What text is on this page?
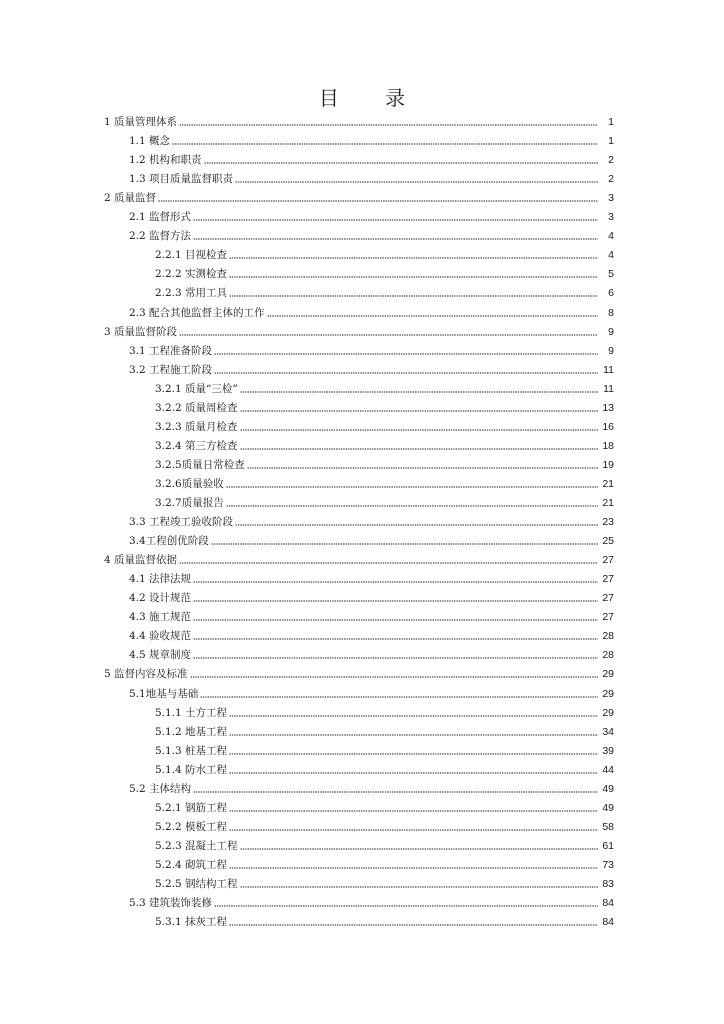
目 录
1 质量管理体系	1
1.1 概念	1
1.2 机构和职责	2
1.3 项目质量监督职责	2
2 质量监督	3
2.1 监督形式	3
2.2 监督方法	4
2.2.1 目视检查	4
2.2.2 实测检查	5
2.2.3 常用工具	6
2.3 配合其他监督主体的工作	8
3 质量监督阶段	9
3.1 工程准备阶段	9
3.2 工程施工阶段	11
3.2.1 质量“三检”	11
3.2.2 质量周检查	13
3.2.3 质量月检查	16
3.2.4 第三方检查	18
3.2.5质量日常检查	19
3.2.6质量验收	21
3.2.7质量报告	21
3.3 工程竣工验收阶段	23
3.4工程创优阶段	25
4 质量监督依据	27
4.1 法律法规	27
4.2 设计规范	27
4.3 施工规范	27
4.4 验收规范	28
4.5 规章制度	28
5 监督内容及标准	29
5.1地基与基础	29
5.1.1 土方工程	29
5.1.2 地基工程	34
5.1.3 桩基工程	39
5.1.4 防水工程	44
5.2 主体结构	49
5.2.1 钢筋工程	49
5.2.2 模板工程	58
5.2.3 混凝土工程	61
5.2.4 砌筑工程	73
5.2.5 钢结构工程	83
5.3 建筑装饰装修	84
5.3.1 抹灰工程	84
